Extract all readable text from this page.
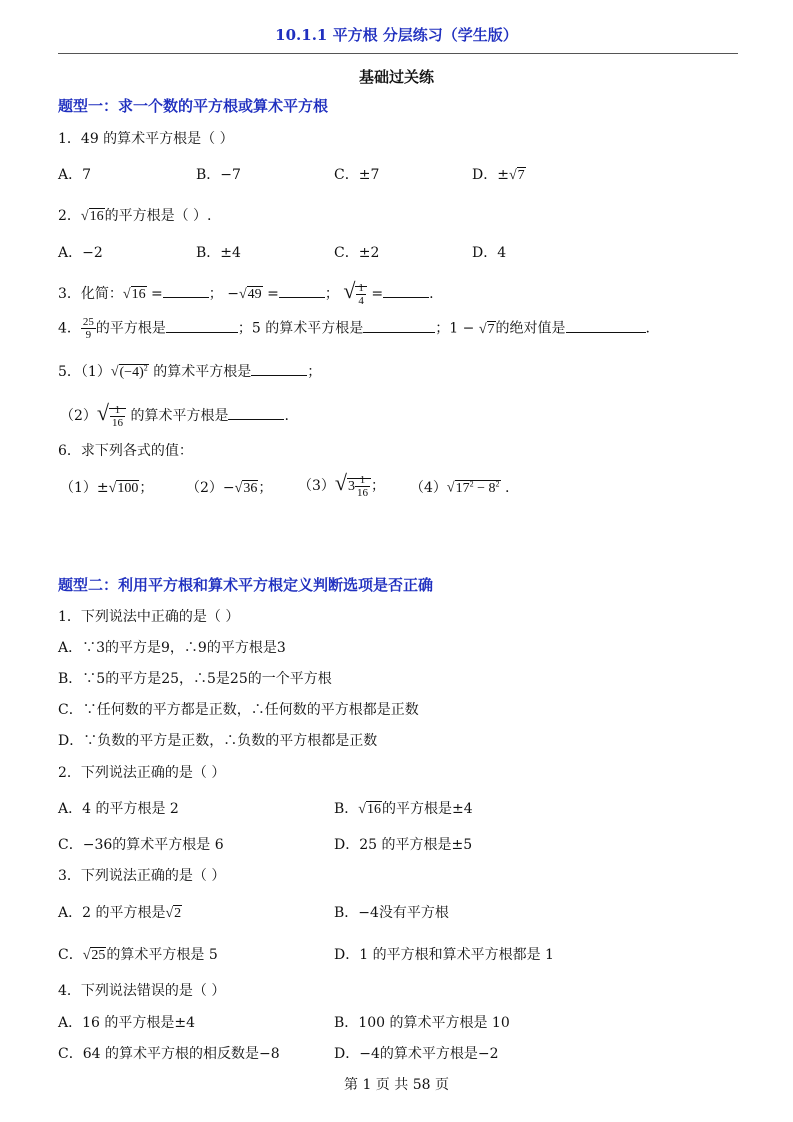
10.1.1 平方根 分层练习（学生版）
基础过关练
题型一：求一个数的平方根或算术平方根
1．49 的算术平方根是（ ）
A．7	B．−7	C．±7	D．±√7
2．√16的平方根是（ ）.
A．−2	B．±4	C．±2	D．4
3．化简：√16 =	； −√49 =	； √ $\frac{1}{4}$ =	.
4． $\frac{25}{9}$ 的平方根是	；5 的算术平方根是	；1 − √7的绝对值是	.
5．$(1)√(-4)^2$ 的算术平方根是	；
$(2)√ \frac{1}{16}$ 的算术平方根是	.
6．求下列各式的值：
（1）±√100； （2）−√36； $(3)√3 \frac{1}{16}$ ； $(4)√17^2 - 8^2$ .
题型二：利用平方根和算术平方根定义判断选项是否正确
1．下列说法中正确的是（ ）
A．∵3的平方是9，∴9的平方根是3
B．∵5的平方是25，∴5是25的一个平方根
C．∵任何数的平方都是正数，∴任何数的平方根都是正数
D．∵负数的平方是正数，∴负数的平方根都是正数
2．下列说法正确的是（ ）
A．4 的平方根是 2	B．√16的平方根是±4
C．−36的算术平方根是 6	D．25 的平方根是±5
3．下列说法正确的是（ ）
A．2 的平方根是√2	B．−4没有平方根
C．√25的算术平方根是 5	D．1 的平方根和算术平方根都是 1
4．下列说法错误的是（ ）
A．16 的平方根是±4	B．100 的算术平方根是 10
C．64 的算术平方根的相反数是−8	D．−4的算术平方根是−2
第 1 页 共 58 页
